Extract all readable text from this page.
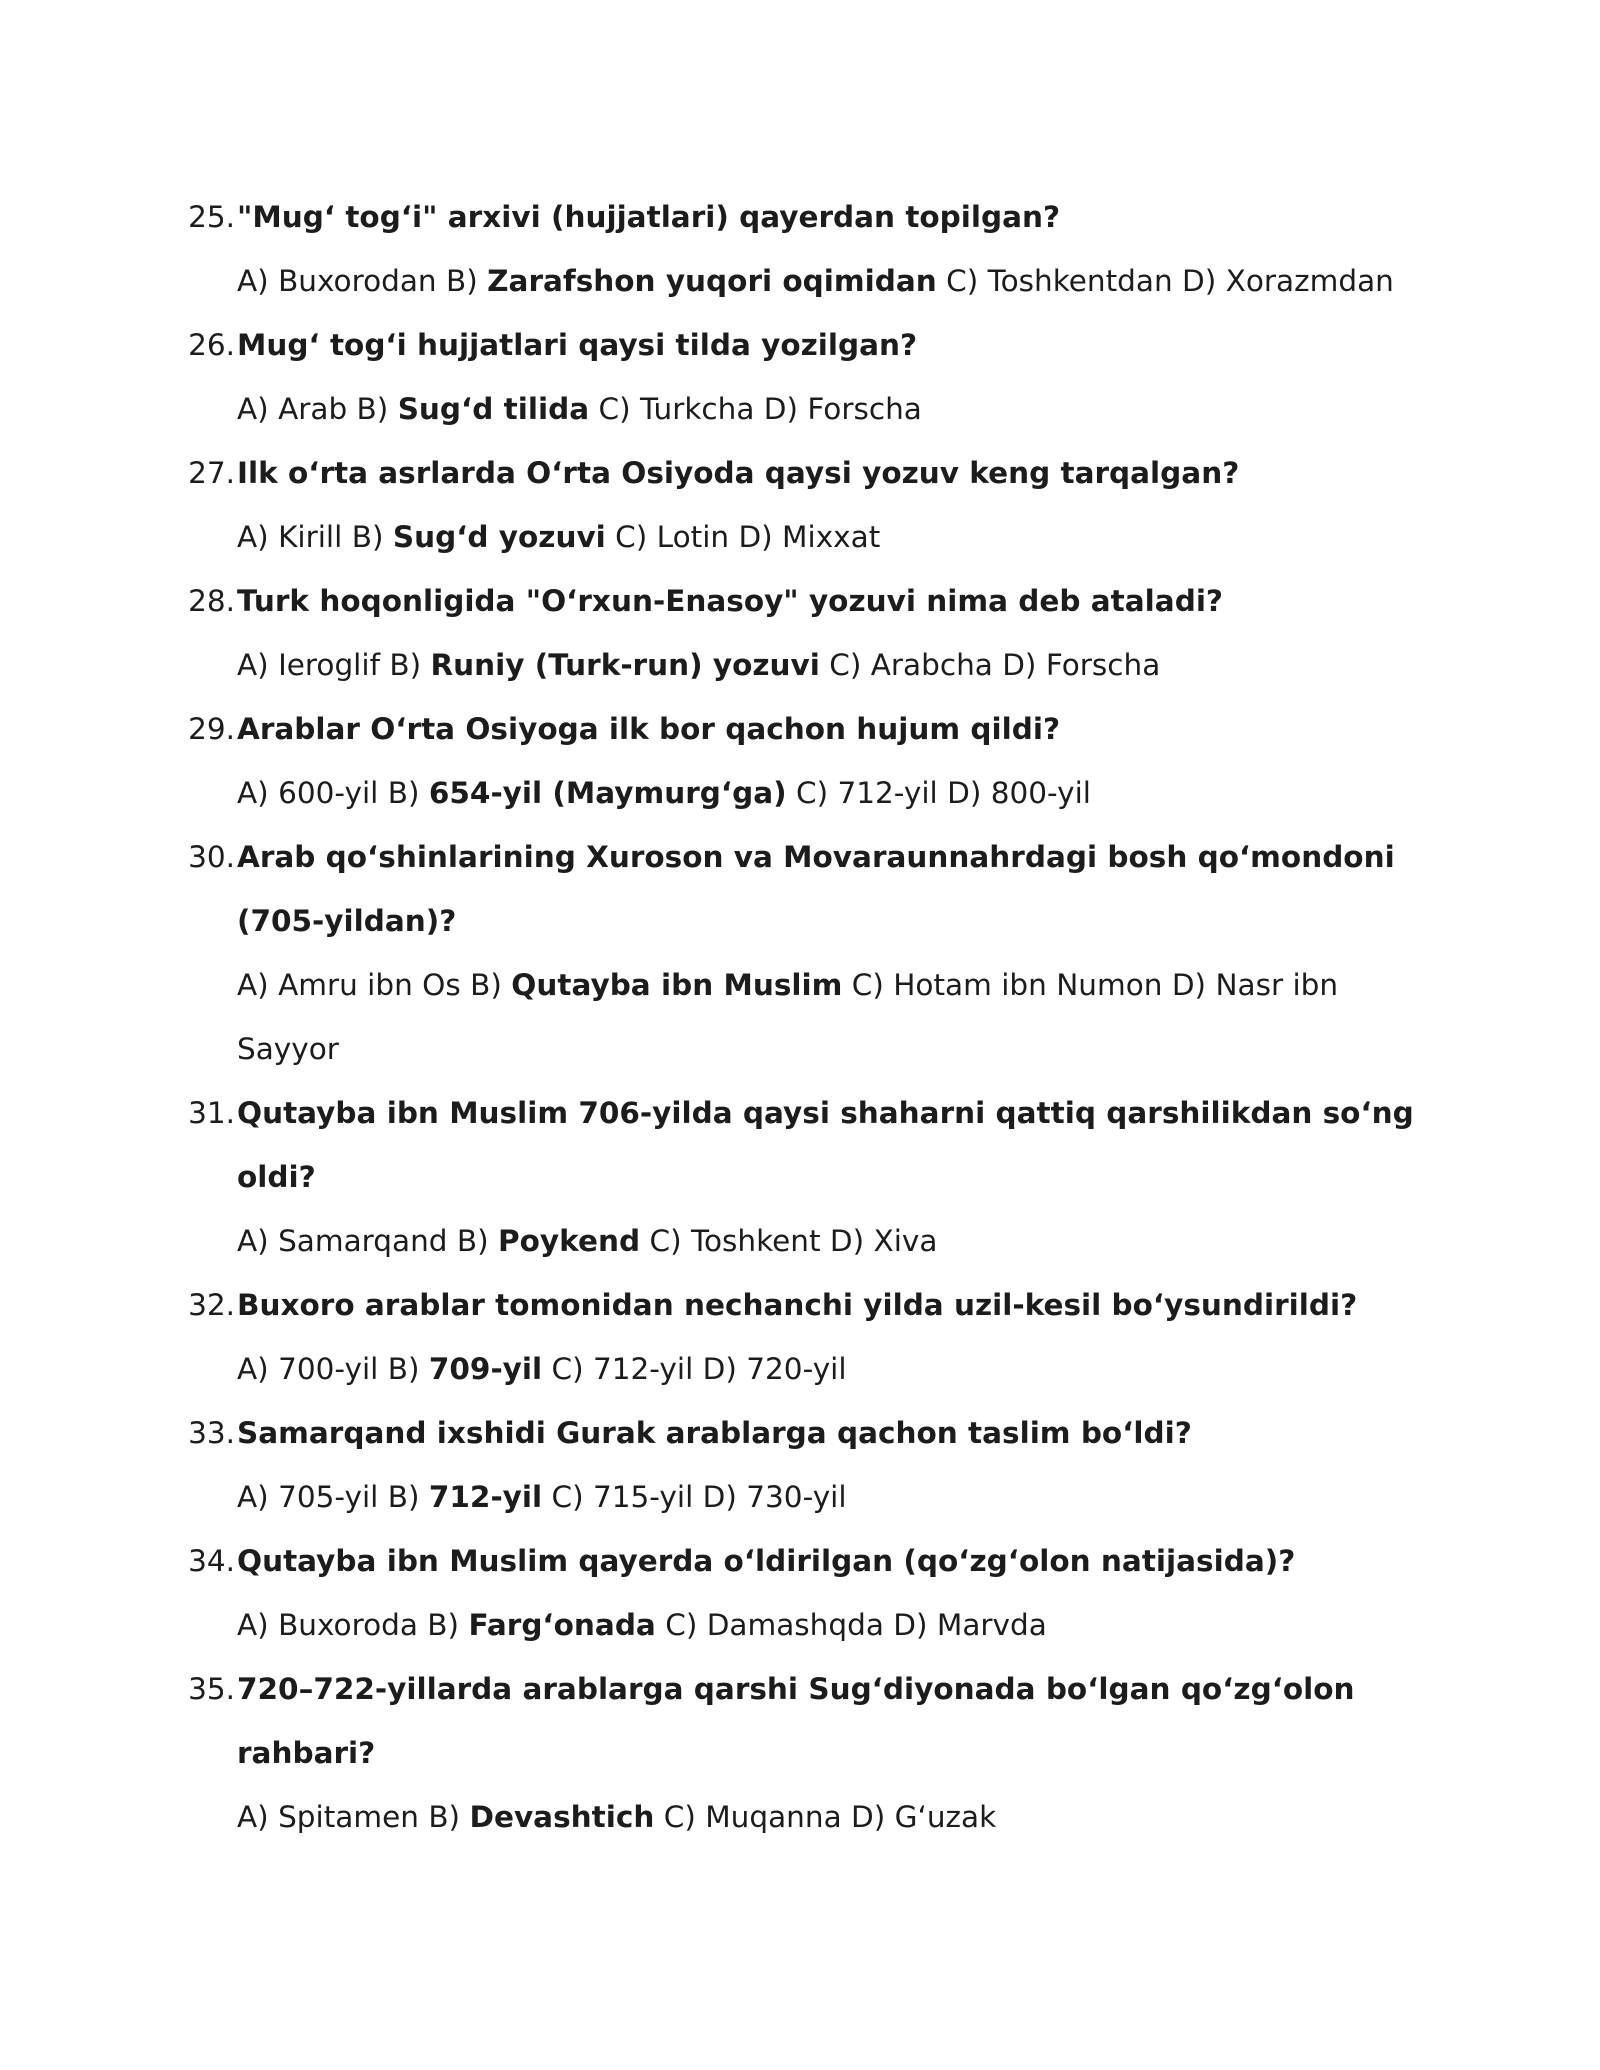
25. "Mug‘ tog‘i" arxivi (hujjatlari) qayerdan topilgan?
A) Buxorodan B) Zarafshon yuqori oqimidan C) Toshkentdan D) Xorazmdan
26. Mug‘ tog‘i hujjatlari qaysi tilda yozilgan?
A) Arab B) Sug‘d tilida C) Turkcha D) Forscha
27. Ilk o‘rta asrlarda O‘rta Osiyoda qaysi yozuv keng tarqalgan?
A) Kirill B) Sug‘d yozuvi C) Lotin D) Mixxat
28. Turk hoqonligida "O‘rxun-Enasoy" yozuvi nima deb ataladi?
A) Ieroglif B) Runiy (Turk-run) yozuvi C) Arabcha D) Forscha
29. Arablar O‘rta Osiyoga ilk bor qachon hujum qildi?
A) 600-yil B) 654-yil (Maymurg‘ga) C) 712-yil D) 800-yil
30. Arab qo‘shinlarining Xuroson va Movaraunnahrdagi bosh qo‘mondoni (705-yildan)?
A) Amru ibn Os B) Qutayba ibn Muslim C) Hotam ibn Numon D) Nasr ibn Sayyor
31. Qutayba ibn Muslim 706-yilda qaysi shaharni qattiq qarshilikdan so‘ng oldi?
A) Samarqand B) Poykend C) Toshkent D) Xiva
32. Buxoro arablar tomonidan nechanchi yilda uzil-kesil bo‘ysundirildi?
A) 700-yil B) 709-yil C) 712-yil D) 720-yil
33. Samarqand ixshidi Gurak arablarga qachon taslim bo‘ldi?
A) 705-yil B) 712-yil C) 715-yil D) 730-yil
34. Qutayba ibn Muslim qayerda o‘ldirilgan (qo‘zg‘olon natijasida)?
A) Buxoroda B) Farg‘onada C) Damashqda D) Marvda
35. 720–722-yillarda arablarga qarshi Sug‘diyonada bo‘lgan qo‘zg‘olon rahbari?
A) Spitamen B) Devashtich C) Muqanna D) G‘uzak
